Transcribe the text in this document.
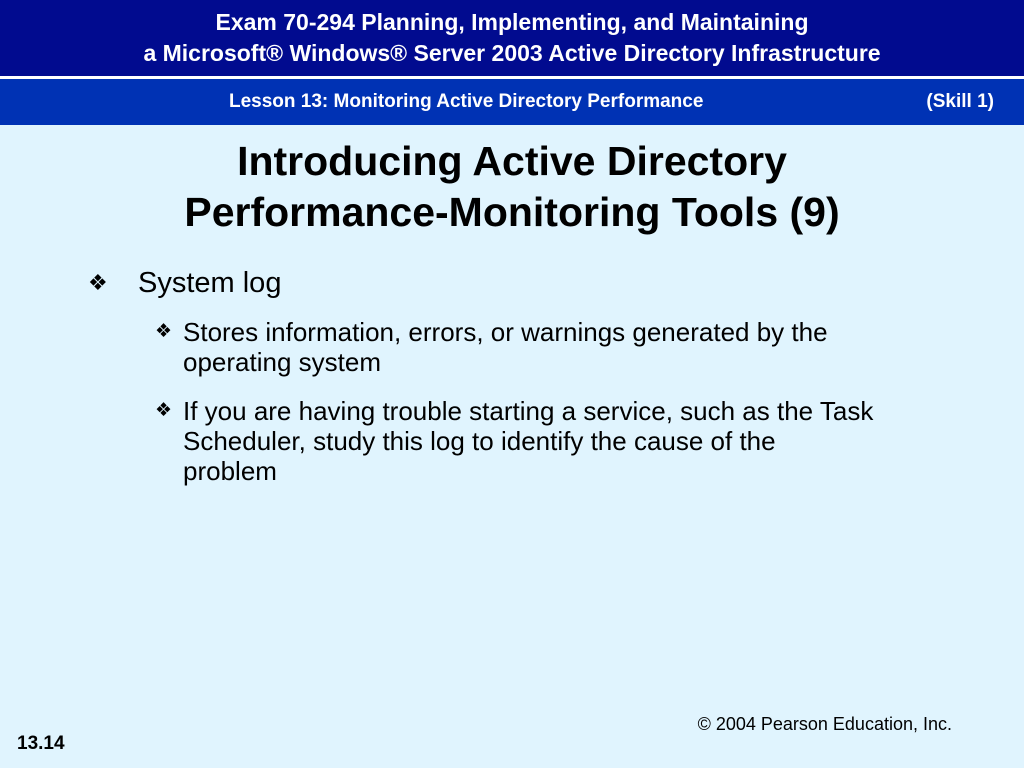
Exam 70-294 Planning, Implementing, and Maintaining
a Microsoft® Windows® Server 2003 Active Directory Infrastructure
Lesson 13: Monitoring Active Directory Performance	(Skill 1)
Introducing Active Directory
Performance-Monitoring Tools (9)
❖	System log
❖ Stores information, errors, or warnings generated by the operating system
❖ If you are having trouble starting a service, such as the Task Scheduler, study this log to identify the cause of the problem
© 2004 Pearson Education, Inc.
13.14
